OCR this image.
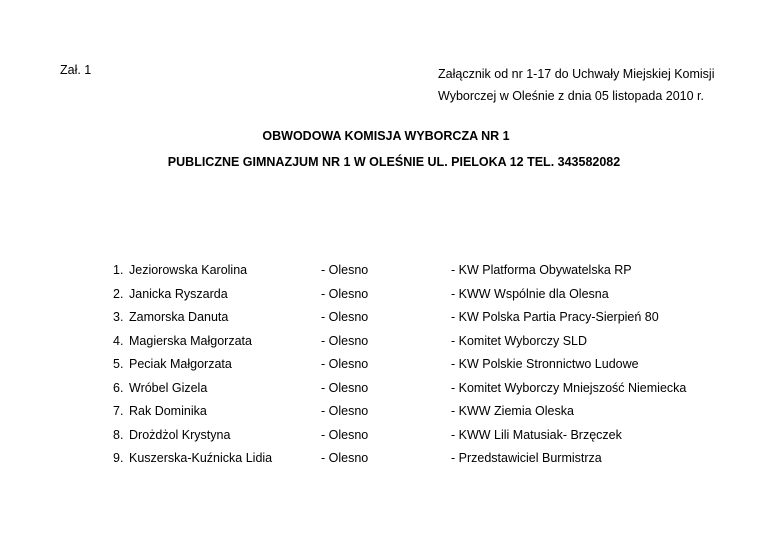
Zał. 1	Załącznik od nr 1-17 do Uchwały Miejskiej Komisji
Wyborczej w Oleśnie z dnia 05 listopada 2010 r.
OBWODOWA KOMISJA WYBORCZA NR 1
PUBLICZNE GIMNAZJUM NR 1 W OLEŚNIE UL. PIELOKA 12 TEL. 343582082
1. Jeziorowska Karolina	- Olesno	- KW Platforma Obywatelska RP
2. Janicka Ryszarda	- Olesno	- KWW Wspólnie dla Olesna
3. Zamorska Danuta	- Olesno	- KW Polska Partia Pracy-Sierpień 80
4. Magierska Małgorzata	- Olesno	- Komitet Wyborczy SLD
5. Peciak Małgorzata	- Olesno	- KW Polskie Stronnictwo Ludowe
6. Wróbel Gizela	- Olesno	- Komitet Wyborczy Mniejszość Niemiecka
7. Rak Dominika	- Olesno	- KWW Ziemia Oleska
8. Drożdżol Krystyna	- Olesno	- KWW Lili Matusiak- Brzęczek
9. Kuszerska-Kuźnicka Lidia	- Olesno	- Przedstawiciel Burmistrza
